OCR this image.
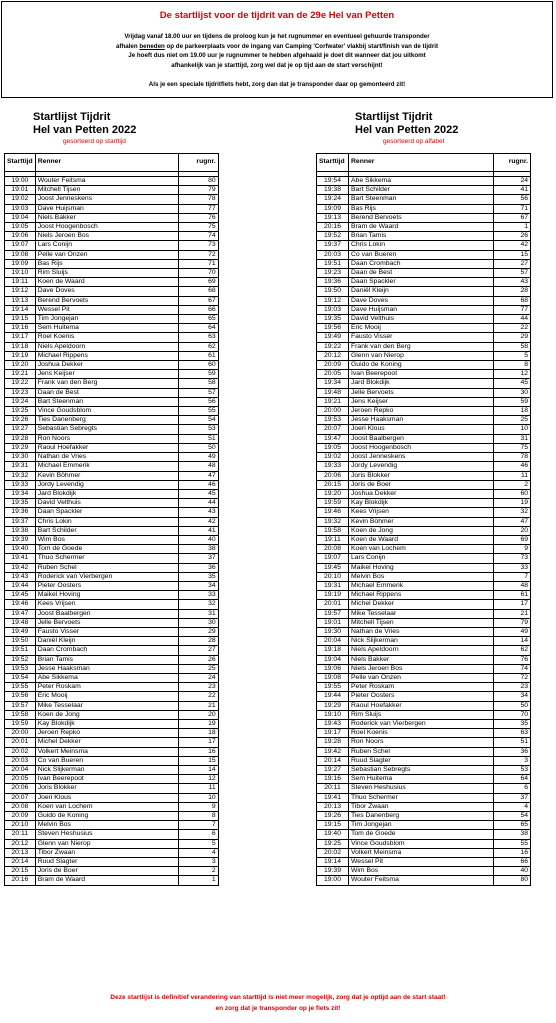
De startlijst voor de tijdrit van de 29e Hel van Petten
Vrijdag vanaf 18.00 uur en tijdens de proloog kun je het rugnummer en eventueel gehuurde transponder
afhalen beneden op de parkeerplaats voor de ingang van Camping 'Corfwater' vlakbij start/finish van de tijdrit
Je hoeft dus niet om 19.00 uur je rugnummer te hebben afgehaald je doet dit wanneer dat jou uitkomt
afhankelijk van je starttijd, zorg wel dat je op tijd aan de start verschijnt!
Als je een speciale tijdritfiets hebt, zorg dan dat je transponder daar op gemonteerd zit!
Startlijst Tijdrit
Hel van Petten 2022
gesorteerd op starttijd
Startlijst Tijdrit
Hel van Petten 2022
gesorteerd op alfabet
Starttijd	Renner	rugnr.

19:00	Wouter Feitsma	80
19:01	Mitchell Tijsen	79
19:02	Joost Jenneskens	78
19:03	Dave Huijsman	77
19:04	Niels Bakker	76
19:05	Joost Hoogenbosch	75
19:06	Niels Jeroen Bos	74
19:07	Lars Conijn	73
19:08	Pelle van Onzen	72
19:09	Bas Rijs	71
19:10	Rim Sluijs	70
19:11	Koen de Waard	69
19:12	Dave Doves	68
19:13	Berend Bervoets	67
19:14	Wessel Pit	66
19:15	Tim Jongejan	65
19:16	Sem Huitema	64
19:17	Roel Koenis	63
19:18	Niels Apeldoorn	62
19:19	Michael Rippens	61
19:20	Joshua Dekker	60
19:21	Jens Keijser	59
19:22	Frank van den Berg	58
19:23	Daan de Best	57
19:24	Bart Steenman	56
19:25	Vince Goudsblom	55
19:26	Ties Danenberg	54
19:27	Sebastian Sebregts	53
19:28	Ron Noors	51
19:29	Raoul Hoefakker	50
19:30	Nathan de Vries	49
19:31	Michael Emmerik	48
19:32	Kevin Böhmer	47
19:33	Jordy Levendig	46
19:34	Jard Blokdijk	45
19:35	David Velthuis	44
19:36	Daan Spackler	43
19:37	Chris Lokin	42
19:38	Bart Schilder	41
19:39	Wim Bos	40
19:40	Tom de Goede	38
19:41	Thuo Schermer	37
19:42	Ruben Schel	36
19:43	Roderick van Vierbergen	35
19:44	Pieter Oosters	34
19:45	Maikel Hoving	33
19:46	Kees Vrijsen	32
19:47	Joost Baalbergen	31
19:48	Jelle Bervoets	30
19:49	Fausto Visser	29
19:50	Daniël Kleijn	28
19:51	Daan Crombach	27
19:52	Brian Tamis	26
19:53	Jesse Haaksman	25
19:54	Abe Sikkema	24
19:55	Peter Roskam	23
19:56	Eric Mooij	22
19:57	Mike Tesselaar	21
19:58	Koen de Jong	20
19:59	Kay Blokdijk	19
20:00	Jeroen Repko	18
20:01	Michel Dekker	17
20:02	Volkert Meinsma	16
20:03	Co van Bueren	15
20:04	Nick Slijkerman	14
20:05	Ivan Beerepoot	12
20:06	Joris Blokker	11
20:07	Joeri Klous	10
20:08	Koen van Lochem	9
20:09	Guido de Koning	8
20:10	Melvin Bos	7
20:11	Steven Heshusius	6
20:12	Glenn van Nierop	5
20:13	Tibor Zwaan	4
20:14	Ruud Slagter	3
20:15	Joris de Boer	2
20:16	Bram de Waard	1
Starttijd	Renner	rugnr.

19:54	Abe Sikkema	24
19:38	Bart Schilder	41
19:24	Bart Steenman	56
19:09	Bas Rijs	71
19:13	Berend Bervoets	67
20:16	Bram de Waard	1
19:52	Brian Tamis	26
19:37	Chris Lokin	42
20:03	Co van Bueren	15
19:51	Daan Crombach	27
19:23	Daan de Best	57
19:36	Daan Spackler	43
19:50	Daniël Kleijn	28
19:12	Dave Doves	68
19:03	Dave Huijsman	77
19:35	David Velthuis	44
19:56	Eric Mooij	22
19:49	Fausto Visser	29
19:22	Frank van den Berg	58
20:12	Glenn van Nierop	5
20:09	Guido de Koning	8
20:05	Ivan Beerepoot	12
19:34	Jard Blokdijk	45
19:48	Jelle Bervoets	30
19:21	Jens Keijser	59
20:00	Jeroen Repko	18
19:53	Jesse Haaksman	25
20:07	Joeri Klous	10
19:47	Joost Baalbergen	31
19:05	Joost Hoogenbosch	75
19:02	Joost Jenneskens	78
19:33	Jordy Levendig	46
20:06	Joris Blokker	11
20:15	Joris de Boer	2
19:20	Joshua Dekker	60
19:59	Kay Blokdijk	19
19:46	Kees Vrijsen	32
19:32	Kevin Böhmer	47
19:58	Koen de Jong	20
19:11	Koen de Waard	69
20:08	Koen van Lochem	9
19:07	Lars Conijn	73
19:45	Maikel Hoving	33
20:10	Melvin Bos	7
19:31	Michael Emmerik	48
19:19	Michael Rippens	61
20:01	Michel Dekker	17
19:57	Mike Tesselaar	21
19:01	Mitchell Tijsen	79
19:30	Nathan de Vries	49
20:04	Nick Slijkerman	14
19:18	Niels Apeldoorn	62
19:04	Niels Bakker	76
19:06	Niels Jeroen Bos	74
19:08	Pelle van Onzen	72
19:55	Peter Roskam	23
19:44	Pieter Oosters	34
19:29	Raoul Hoefakker	50
19:10	Rim Sluijs	70
19:43	Roderick van Vierbergen	35
19:17	Roel Koenis	63
19:28	Ron Noors	51
19:42	Ruben Schel	36
20:14	Ruud Slagter	3
19:27	Sebastian Sebregts	53
19:16	Sem Huitema	64
20:11	Steven Heshusius	6
19:41	Thuo Schermer	37
20:13	Tibor Zwaan	4
19:26	Ties Danenberg	54
19:15	Tim Jongejan	65
19:40	Tom de Goede	38
19:25	Vince Goudsblom	55
20:02	Volkert Meinsma	16
19:14	Wessel Pit	66
19:39	Wim Bos	40
19:00	Wouter Feitsma	80
Deze startlijst is definitief verandering van starttijd is niet meer mogelijk, zorg dat je optijd aan de start staat!
en zorg dat je transponder op je fiets zit!
